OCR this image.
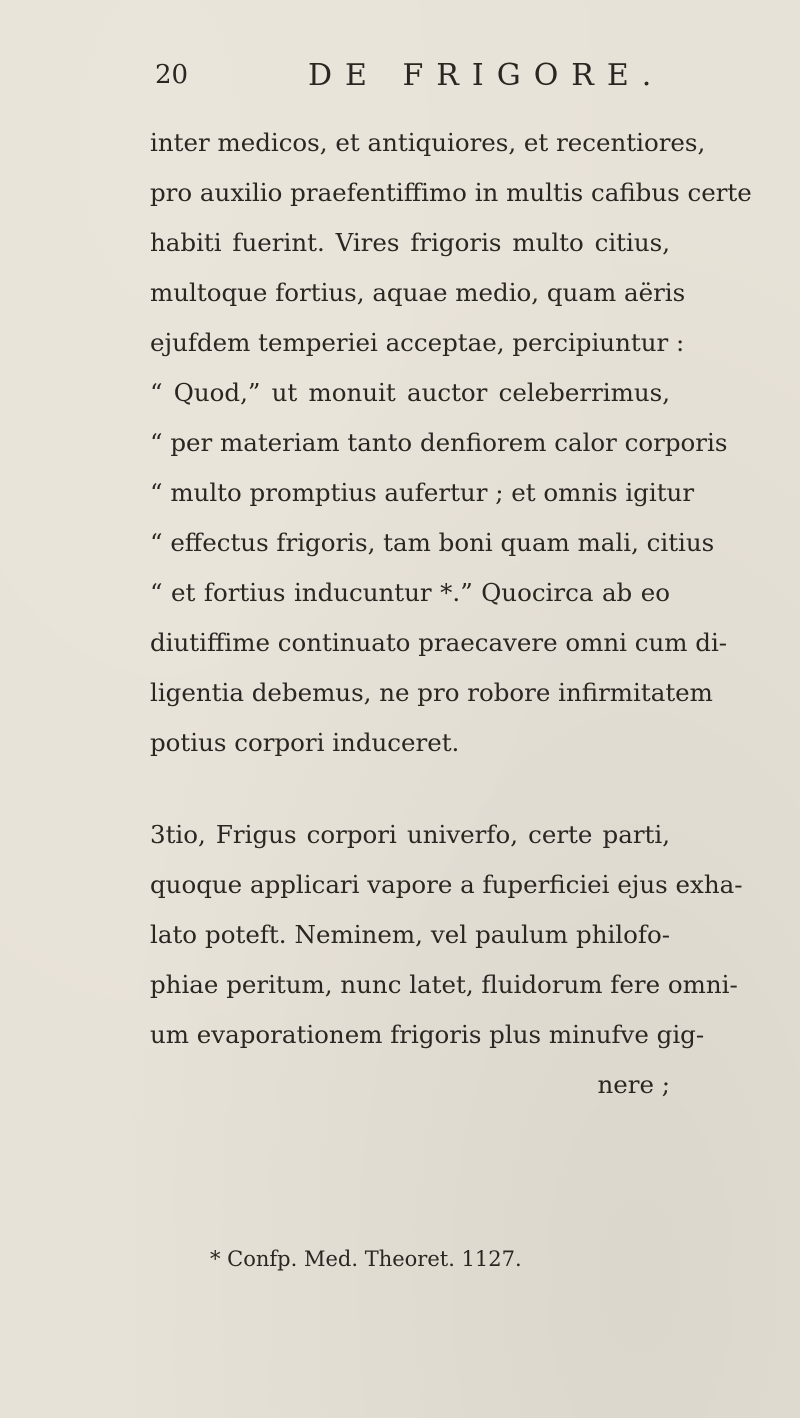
20	DE FRIGORE.
inter medicos, et antiquiores, et recentiores,
pro auxilio praefentiffimo in multis cafibus certe
habiti fuerint. Vires frigoris multo citius,
multoque fortius, aquae medio, quam aëris
ejufdem temperiei acceptae, percipiuntur :
“ Quod,” ut monuit auctor celeberrimus,
“ per materiam tanto denfiorem calor corporis
“ multo promptius aufertur ; et omnis igitur
“ effectus frigoris, tam boni quam mali, citius
“ et fortius inducuntur *.” Quocirca ab eo
diutiffime continuato praecavere omni cum di-
ligentia debemus, ne pro robore infirmitatem
potius corpori induceret.
3tio, Frigus corpori univerfo, certe parti,
quoque applicari vapore a fuperficiei ejus exha-
lato poteft. Neminem, vel paulum philofo-
phiae peritum, nunc latet, fluidorum fere omni-
um evaporationem frigoris plus minufve gig-
nere ;
* Confp. Med. Theoret. 1127.
